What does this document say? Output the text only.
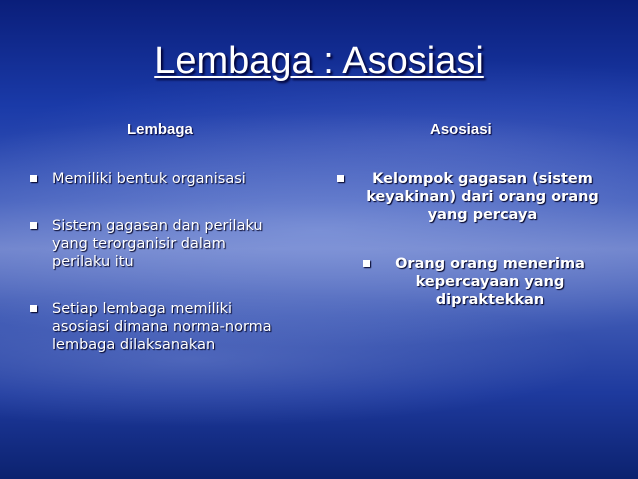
Lembaga : Asosiasi
Lembaga	Asosiasi
Memiliki bentuk organisasi
Sistem gagasan dan perilaku
yang terorganisir dalam
perilaku itu
Setiap lembaga memiliki
asosiasi dimana norma-norma
lembaga dilaksanakan
Kelompok gagasan (sistem
keyakinan) dari orang orang
yang percaya
Orang orang menerima
kepercayaan yang
dipraktekkan
